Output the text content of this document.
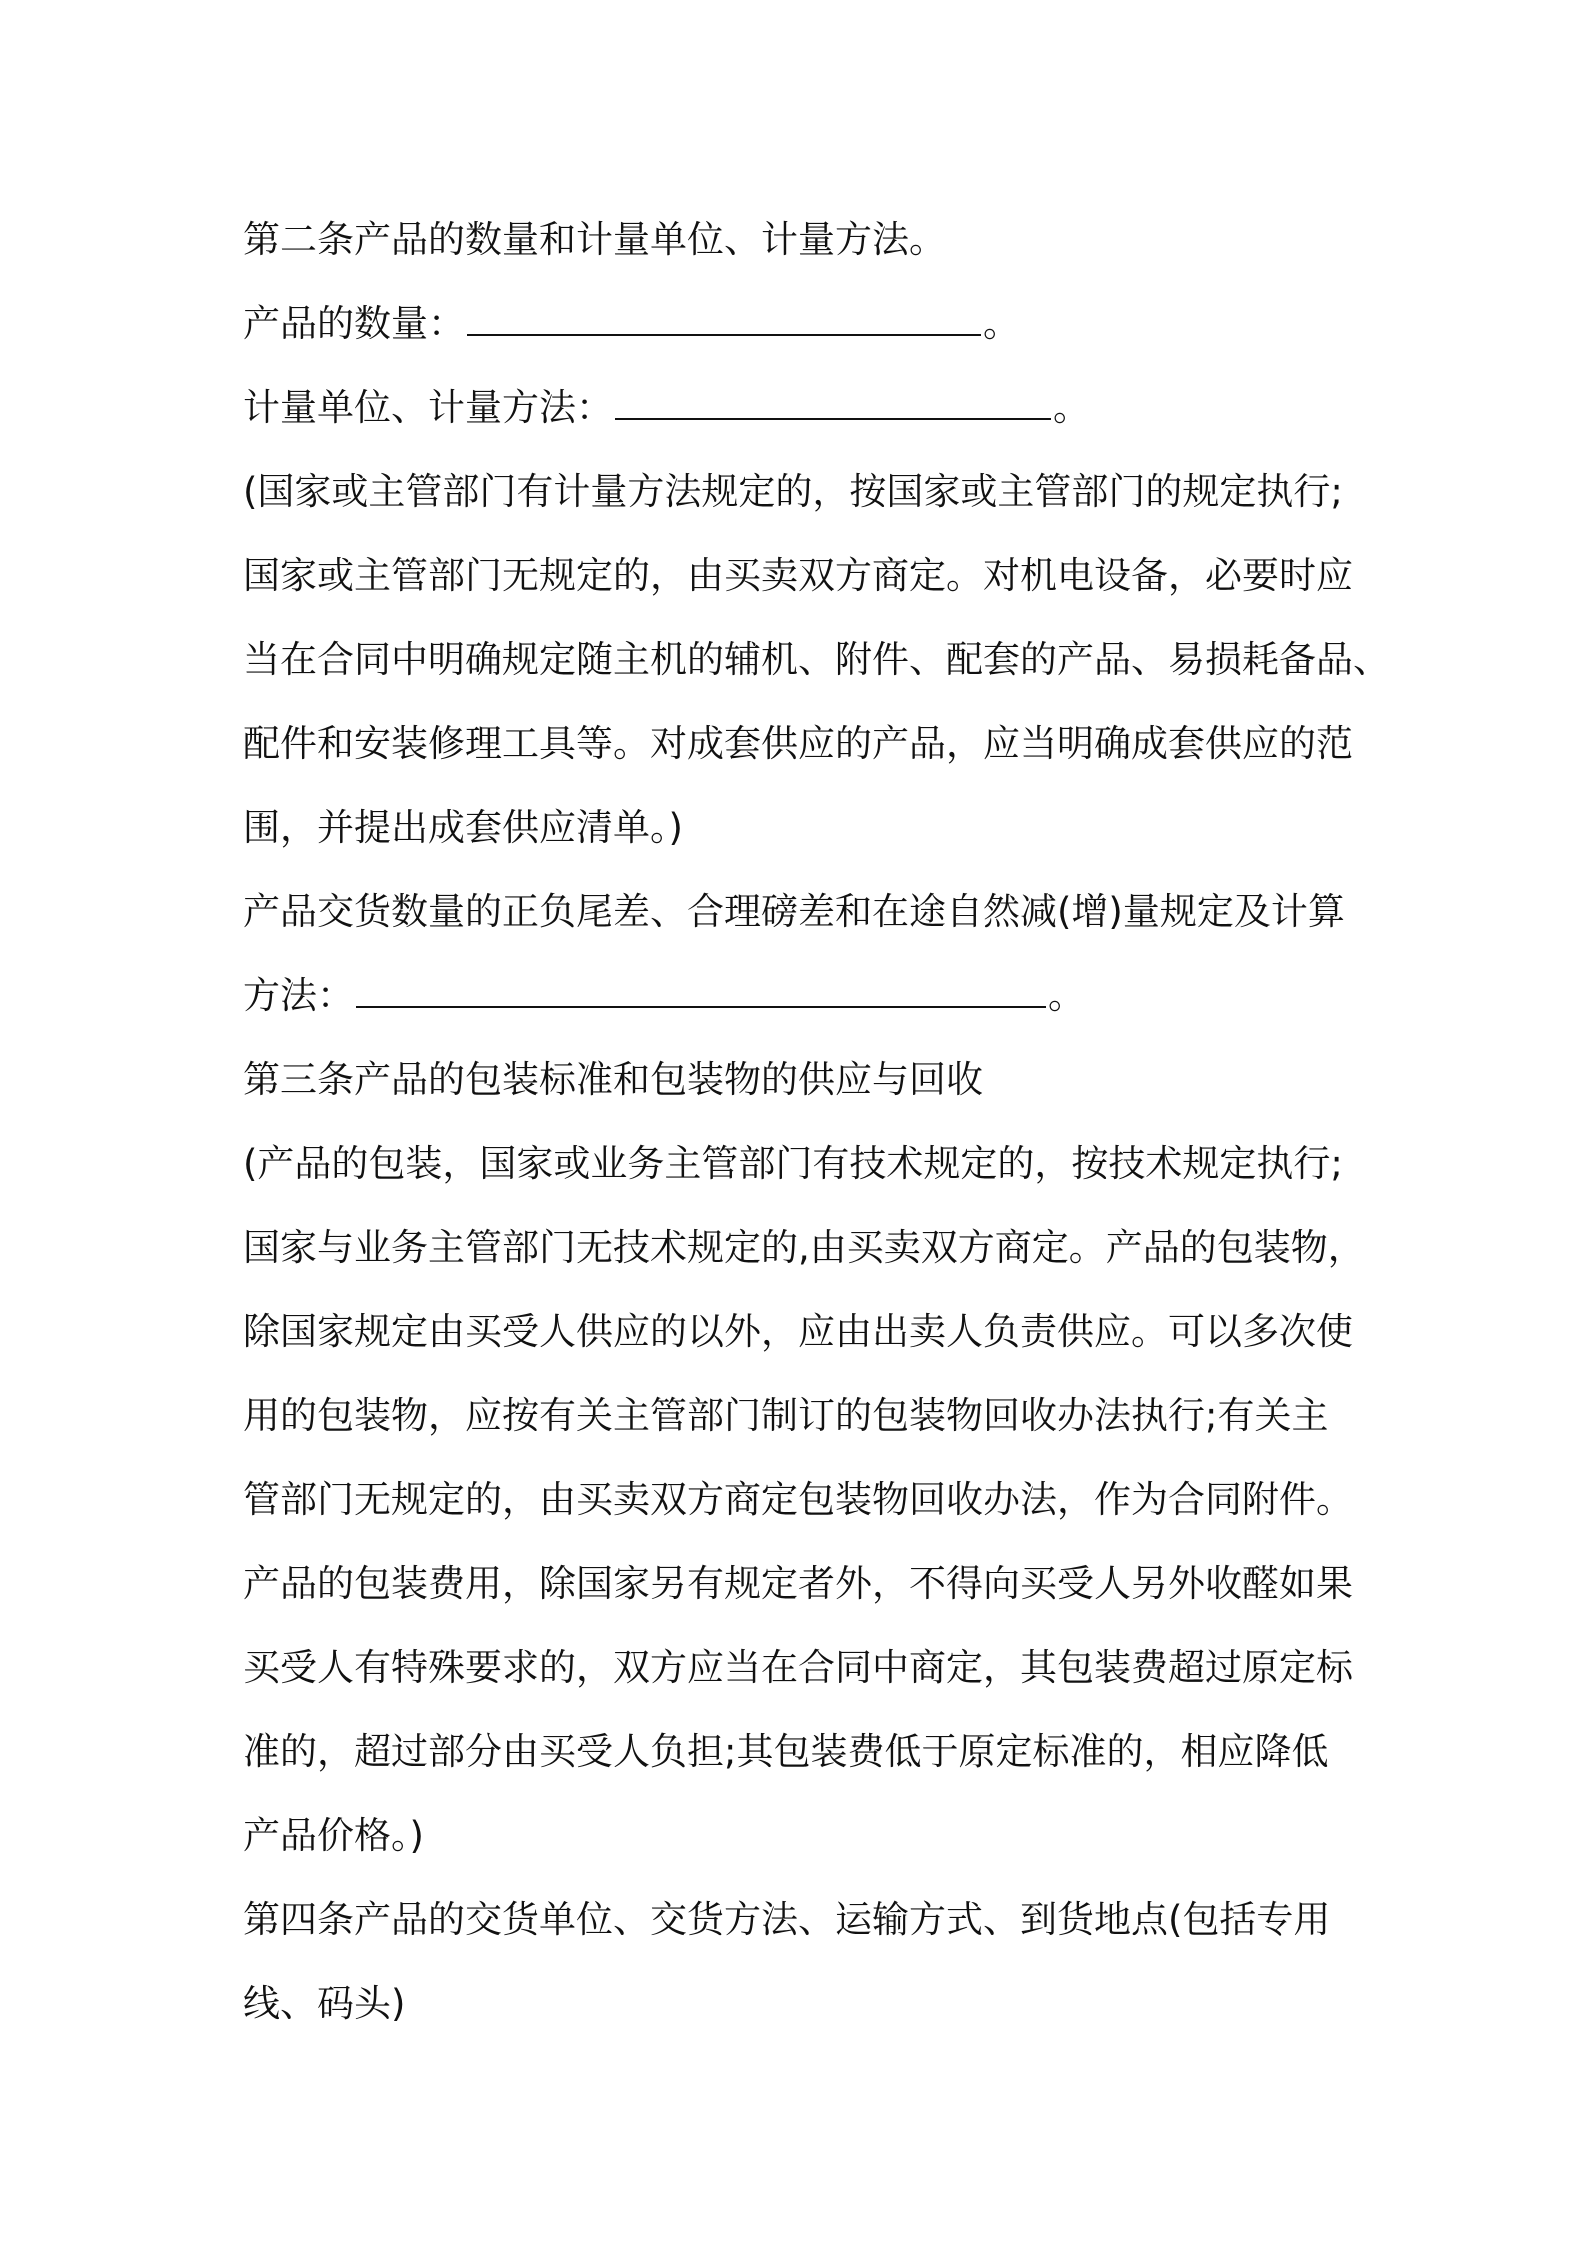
第二条产品的数量和计量单位、计量方法。
产品的数量：	。
计量单位、计量方法：	。
(国家或主管部门有计量方法规定的，按国家或主管部门的规定执行;
国家或主管部门无规定的，由买卖双方商定。对机电设备，必要时应
当在合同中明确规定随主机的辅机、附件、配套的产品、易损耗备品、
配件和安装修理工具等。对成套供应的产品，应当明确成套供应的范
围，并提出成套供应清单。)
产品交货数量的正负尾差、合理磅差和在途自然减(增)量规定及计算
方法：	。
第三条产品的包装标准和包装物的供应与回收
(产品的包装，国家或业务主管部门有技术规定的，按技术规定执行;
国家与业务主管部门无技术规定的,由买卖双方商定。产品的包装物，
除国家规定由买受人供应的以外，应由出卖人负责供应。可以多次使
用的包装物，应按有关主管部门制订的包装物回收办法执行;有关主
管部门无规定的，由买卖双方商定包装物回收办法，作为合同附件。
产品的包装费用，除国家另有规定者外，不得向买受人另外收醛如果
买受人有特殊要求的，双方应当在合同中商定，其包装费超过原定标
准的，超过部分由买受人负担;其包装费低于原定标准的，相应降低
产品价格。)
第四条产品的交货单位、交货方法、运输方式、到货地点(包括专用
线、码头)
